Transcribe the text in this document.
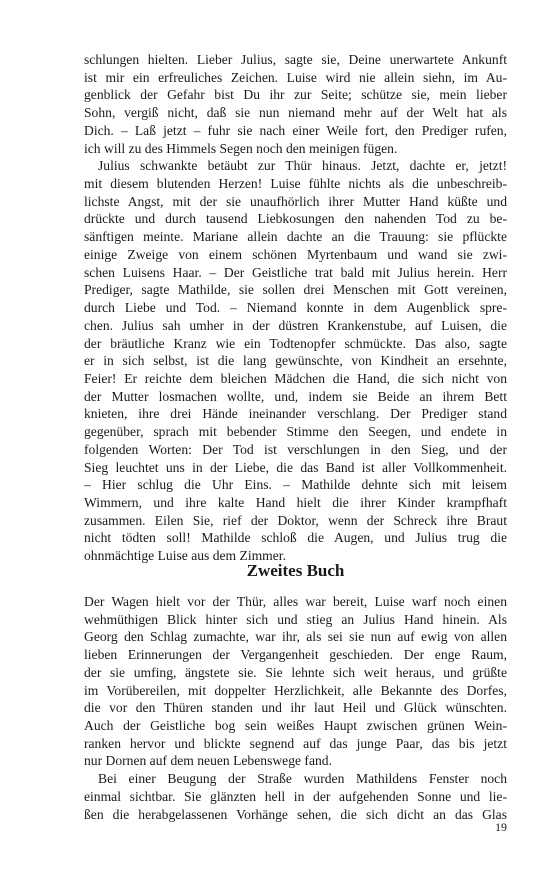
schlungen hielten. Lieber Julius, sagte sie, Deine unerwartete Ankunft
ist mir ein erfreuliches Zeichen. Luise wird nie allein siehn, im Au-
genblick der Gefahr bist Du ihr zur Seite; schütze sie, mein lieber
Sohn, vergiß nicht, daß sie nun niemand mehr auf der Welt hat als
Dich. – Laß jetzt – fuhr sie nach einer Weile fort, den Prediger rufen,
ich will zu des Himmels Segen noch den meinigen fügen.
Julius schwankte betäubt zur Thür hinaus. Jetzt, dachte er, jetzt!
mit diesem blutenden Herzen! Luise fühlte nichts als die unbeschreib-
lichste Angst, mit der sie unaufhörlich ihrer Mutter Hand küßte und
drückte und durch tausend Liebkosungen den nahenden Tod zu be-
sänftigen meinte. Mariane allein dachte an die Trauung: sie pflückte
einige Zweige von einem schönen Myrtenbaum und wand sie zwi-
schen Luisens Haar. – Der Geistliche trat bald mit Julius herein. Herr
Prediger, sagte Mathilde, sie sollen drei Menschen mit Gott vereinen,
durch Liebe und Tod. – Niemand konnte in dem Augenblick spre-
chen. Julius sah umher in der düstren Krankenstube, auf Luisen, die
der bräutliche Kranz wie ein Todtenopfer schmückte. Das also, sagte
er in sich selbst, ist die lang gewünschte, von Kindheit an ersehnte,
Feier! Er reichte dem bleichen Mädchen die Hand, die sich nicht von
der Mutter losmachen wollte, und, indem sie Beide an ihrem Bett
knieten, ihre drei Hände ineinander verschlang. Der Prediger stand
gegenüber, sprach mit bebender Stimme den Seegen, und endete in
folgenden Worten: Der Tod ist verschlungen in den Sieg, und der
Sieg leuchtet uns in der Liebe, die das Band ist aller Vollkommenheit.
– Hier schlug die Uhr Eins. – Mathilde dehnte sich mit leisem
Wimmern, und ihre kalte Hand hielt die ihrer Kinder krampfhaft
zusammen. Eilen Sie, rief der Doktor, wenn der Schreck ihre Braut
nicht tödten soll! Mathilde schloß die Augen, und Julius trug die
ohnmächtige Luise aus dem Zimmer.
Zweites Buch
Der Wagen hielt vor der Thür, alles war bereit, Luise warf noch einen
wehmüthigen Blick hinter sich und stieg an Julius Hand hinein. Als
Georg den Schlag zumachte, war ihr, als sei sie nun auf ewig von allen
lieben Erinnerungen der Vergangenheit geschieden. Der enge Raum,
der sie umfing, ängstete sie. Sie lehnte sich weit heraus, und grüßte
im Vorübereilen, mit doppelter Herzlichkeit, alle Bekannte des Dorfes,
die vor den Thüren standen und ihr laut Heil und Glück wünschten.
Auch der Geistliche bog sein weißes Haupt zwischen grünen Wein-
ranken hervor und blickte segnend auf das junge Paar, das bis jetzt
nur Dornen auf dem neuen Lebenswege fand.
Bei einer Beugung der Straße wurden Mathildens Fenster noch
einmal sichtbar. Sie glänzten hell in der aufgehenden Sonne und lie-
ßen die herabgelassenen Vorhänge sehen, die sich dicht an das Glas
19
